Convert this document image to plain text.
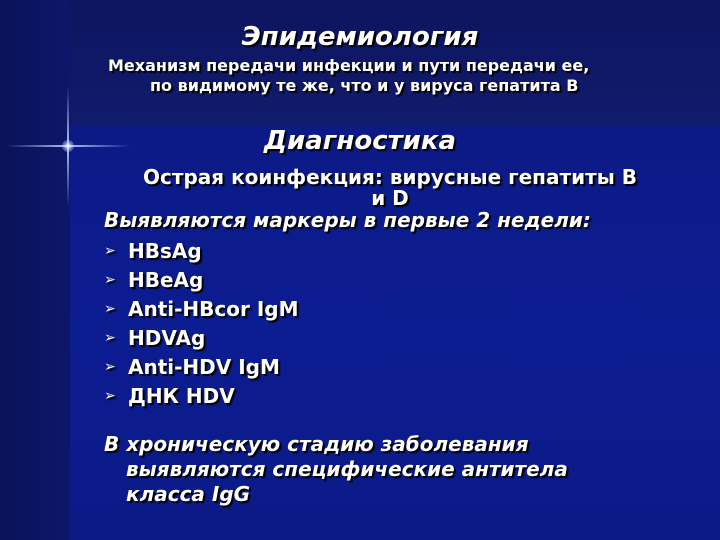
Эпидемиология
Механизм передачи инфекции и пути передачи ее,
по видимому те же, что и у вируса гепатита В
Диагностика
Острая коинфекция: вирусные гепатиты В
и D
Выявляются маркеры в первые 2 недели:
➢ HBsAg
➢ HBeAg
➢ Anti-HBcor IgM
➢ HDVAg
➢ Anti-HDV IgM
➢ ДНК HDV
В хроническую стадию заболевания
выявляются специфические антитела
класса IgG
